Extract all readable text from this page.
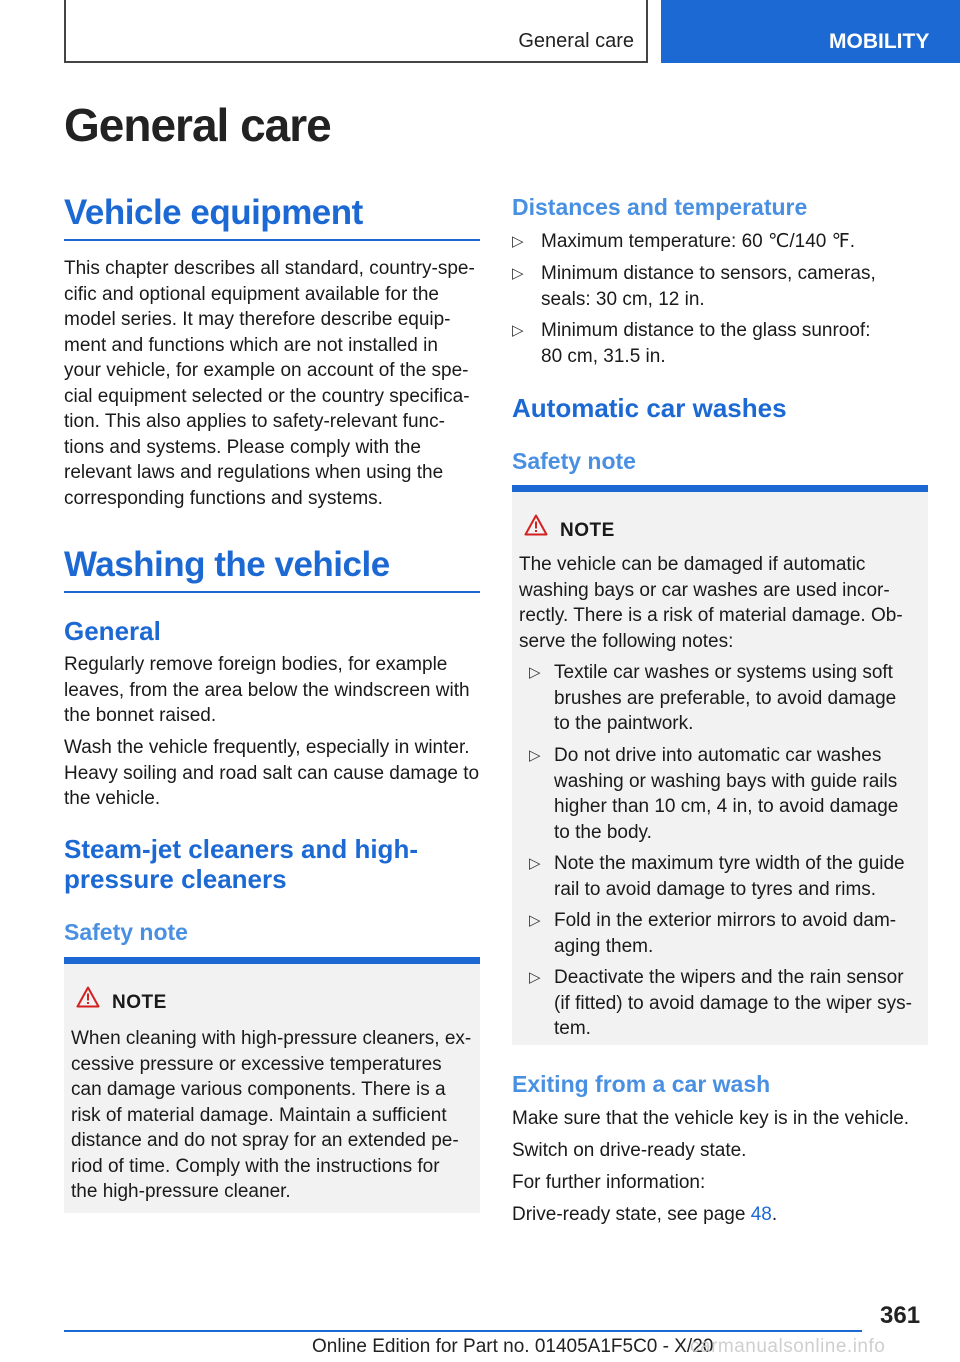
General care	MOBILITY
General care
Vehicle equipment
This chapter describes all standard, country-spe-
cific and optional equipment available for the
model series. It may therefore describe equip-
ment and functions which are not installed in
your vehicle, for example on account of the spe-
cial equipment selected or the country specifica-
tion. This also applies to safety-relevant func-
tions and systems. Please comply with the
relevant laws and regulations when using the
corresponding functions and systems.
Washing the vehicle
General
Regularly remove foreign bodies, for example
leaves, from the area below the windscreen with
the bonnet raised.
Wash the vehicle frequently, especially in winter.
Heavy soiling and road salt can cause damage to
the vehicle.
Steam-jet cleaners and high-
pressure cleaners
Safety note
NOTE
When cleaning with high-pressure cleaners, ex-
cessive pressure or excessive temperatures
can damage various components. There is a
risk of material damage. Maintain a sufficient
distance and do not spray for an extended pe-
riod of time. Comply with the instructions for
the high-pressure cleaner.
Distances and temperature
▷ Maximum temperature: 60 ℃/140 ℉.
▷ Minimum distance to sensors, cameras,
seals: 30 cm, 12 in.
▷ Minimum distance to the glass sunroof:
80 cm, 31.5 in.
Automatic car washes
Safety note
NOTE
The vehicle can be damaged if automatic
washing bays or car washes are used incor-
rectly. There is a risk of material damage. Ob-
serve the following notes:
▷ Textile car washes or systems using soft
brushes are preferable, to avoid damage
to the paintwork.
▷ Do not drive into automatic car washes
washing or washing bays with guide rails
higher than 10 cm, 4 in, to avoid damage
to the body.
▷ Note the maximum tyre width of the guide
rail to avoid damage to tyres and rims.
▷ Fold in the exterior mirrors to avoid dam-
aging them.
▷ Deactivate the wipers and the rain sensor
(if fitted) to avoid damage to the wiper sys-
tem.
Exiting from a car wash
Make sure that the vehicle key is in the vehicle.
Switch on drive-ready state.
For further information:
Drive-ready state, see page 48.
361
Online Edition for Part no. 01405A1F5C0 - X/20
carmanualsonline.info
